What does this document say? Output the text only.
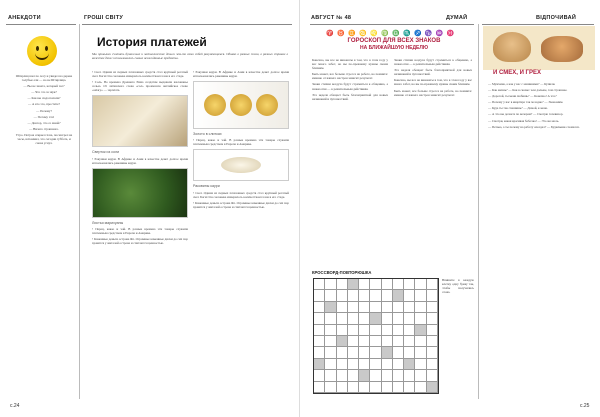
АНЕКДОТИ	ГРОШІ СВІТУ

Штирлиц шел по лесу и увидел на дереве голубые ели — но не Штирлица.

— Вы не знаете, который час?

— Что это за звук?

— Как вы сюда попали?

— А кто это, простите?

— Почему?

— Потому что!

— Доктор, что со мной?

— Ничего страшного.

Утро. Петров открыл глаза, посмотрел на часы, вспомнил, что сегодня суббота, и снова уснул.

История платежей
Мы привыкли считать бумажные и металлические деньги чем-то само собой разумеющимся. Однако в разные эпохи, в разных странах в качестве денег использовались самые неожиданные предметы.

• Скот. Одним из первых платежных средств стал крупный рогатый скот. Богатство человека измерялось количеством голов в его стаде.

• Соль. Во времена Древнего Рима солдатам выдавали жалованье солью. От латинского слова «сал» произошло английское слово «salary» — зарплата.

Сверток из соли

• Ракушки каури. В Африке и Азии в качестве денег долгое время использовались раковины каури.

Листья марихуаны

• Перец, какао и чай. В разные времена эти товары служили платежным средством в Европе и Америке.

• Каменные деньги острова Яп. Огромные каменные диски до сих пор хранятся у жителей острова и считаются ценностью.

• Ракушки каури. В Африке и Азии в качестве денег долгое время использовались раковины каури.

Золото в слитках

• Перец, какао и чай. В разные времена эти товары служили платежным средством в Европе и Америке.

Раковины каури

• Скот. Одним из первых платежных средств стал крупный рогатый скот. Богатство человека измерялось количеством голов в его стаде.

• Каменные деньги острова Яп. Огромные каменные диски до сих пор хранятся у жителей острова и считаются ценностью.

c.24
АВГУСТ № 48	ДУМАЙ	ВІДПОЧИВАЙ
♈♉♊♋♌♍♎♏♐♑♒♓
ГОРОСКОП ДЛЯ ВСЕХ ЗНАКОВ
НА БЛИЖАЙШУЮ НЕДЕЛЮ

Конечно, вы все не виноваты в том, что в этом году у вас много забот, но вы по-прежнему нужны своим близким.

Быть может, все больше стресса на работе, но помните: именно от вашего настроя зависит результат.

Знаки стихии воздуха будут стремиться к общению, а знаки огня — к решительным действиям.

Эта неделя обещает быть благоприятной для новых начинаний и путешествий.

Знаки стихии воздуха будут стремиться к общению, а знаки огня — к решительным действиям.

Эта неделя обещает быть благоприятной для новых начинаний и путешествий.

Конечно, вы все не виноваты в том, что в этом году у вас много забот, но вы по-прежнему нужны своим близким.

Быть может, все больше стресса на работе, но помните: именно от вашего настроя зависит результат.

КРОССВОРД-ПОВТОРЮШКА
Впишите в каждую клетку одну букву так, чтобы получились слова.
И СМЕХ, И ГРЕХ

— Мужчина, а как у вас с машинами? — Купили.

— Как жизнь? — Как в сказке: чем дальше, тем страшнее.

— Дорогой, ты меня любишь? — Конечно! А что?

— Почему у вас в квартире так холодно? — Экономим.

— Куда ты так спешишь? — Домой, к жене.

— А что вы делаете по вечерам? — Смотрю телевизор.

— Смотри, какая красивая бабочка! — Это же моль.

— Петька, а ты почему на работу опоздал? — Будильник сломался.

c.25
